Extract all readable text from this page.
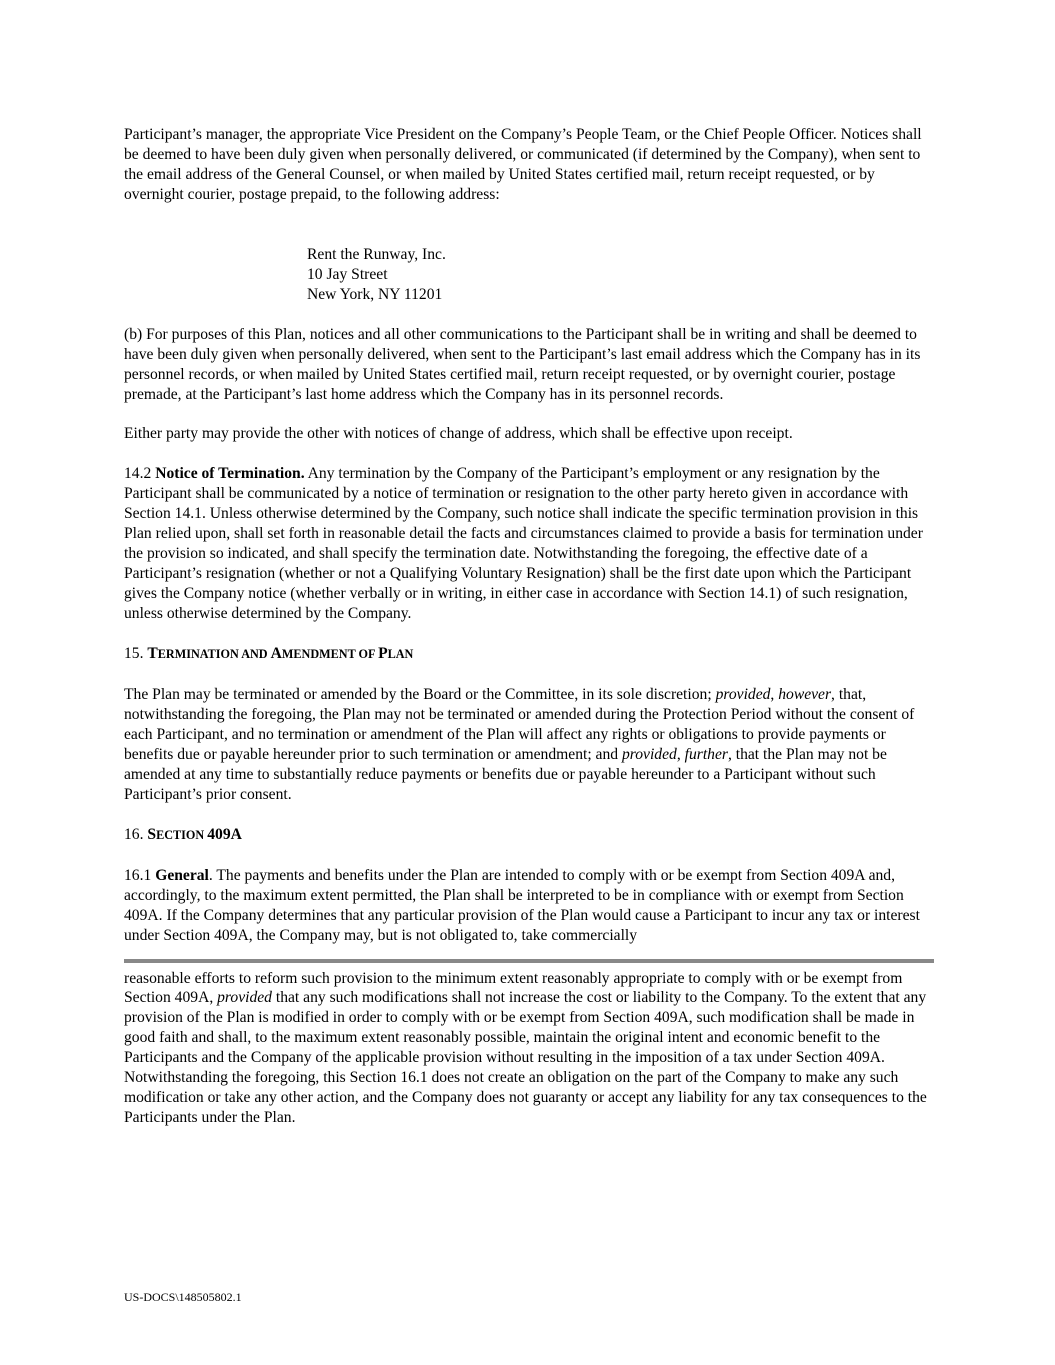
Participant’s manager, the appropriate Vice President on the Company’s People Team, or the Chief People Officer. Notices shall be deemed to have been duly given when personally delivered, or communicated (if determined by the Company), when sent to the email address of the General Counsel, or when mailed by United States certified mail, return receipt requested, or by overnight courier, postage prepaid, to the following address:

Rent the Runway, Inc.
10 Jay Street
New York, NY 11201

(b) For purposes of this Plan, notices and all other communications to the Participant shall be in writing and shall be deemed to have been duly given when personally delivered, when sent to the Participant’s last email address which the Company has in its personnel records, or when mailed by United States certified mail, return receipt requested, or by overnight courier, postage premade, at the Participant’s last home address which the Company has in its personnel records.

Either party may provide the other with notices of change of address, which shall be effective upon receipt.

14.2 Notice of Termination. Any termination by the Company of the Participant’s employment or any resignation by the Participant shall be communicated by a notice of termination or resignation to the other party hereto given in accordance with Section 14.1. Unless otherwise determined by the Company, such notice shall indicate the specific termination provision in this Plan relied upon, shall set forth in reasonable detail the facts and circumstances claimed to provide a basis for termination under the provision so indicated, and shall specify the termination date. Notwithstanding the foregoing, the effective date of a Participant’s resignation (whether or not a Qualifying Voluntary Resignation) shall be the first date upon which the Participant gives the Company notice (whether verbally or in writing, in either case in accordance with Section 14.1) of such resignation, unless otherwise determined by the Company.

15. TERMINATION AND AMENDMENT OF PLAN

The Plan may be terminated or amended by the Board or the Committee, in its sole discretion; provided, however, that, notwithstanding the foregoing, the Plan may not be terminated or amended during the Protection Period without the consent of each Participant, and no termination or amendment of the Plan will affect any rights or obligations to provide payments or benefits due or payable hereunder prior to such termination or amendment; and provided, further, that the Plan may not be amended at any time to substantially reduce payments or benefits due or payable hereunder to a Participant without such Participant’s prior consent.

16. SECTION 409A

16.1 General. The payments and benefits under the Plan are intended to comply with or be exempt from Section 409A and, accordingly, to the maximum extent permitted, the Plan shall be interpreted to be in compliance with or exempt from Section 409A. If the Company determines that any particular provision of the Plan would cause a Participant to incur any tax or interest under Section 409A, the Company may, but is not obligated to, take commercially

reasonable efforts to reform such provision to the minimum extent reasonably appropriate to comply with or be exempt from Section 409A, provided that any such modifications shall not increase the cost or liability to the Company. To the extent that any provision of the Plan is modified in order to comply with or be exempt from Section 409A, such modification shall be made in good faith and shall, to the maximum extent reasonably possible, maintain the original intent and economic benefit to the Participants and the Company of the applicable provision without resulting in the imposition of a tax under Section 409A. Notwithstanding the foregoing, this Section 16.1 does not create an obligation on the part of the Company to make any such modification or take any other action, and the Company does not guaranty or accept any liability for any tax consequences to the Participants under the Plan.

US-DOCS\148505802.1
